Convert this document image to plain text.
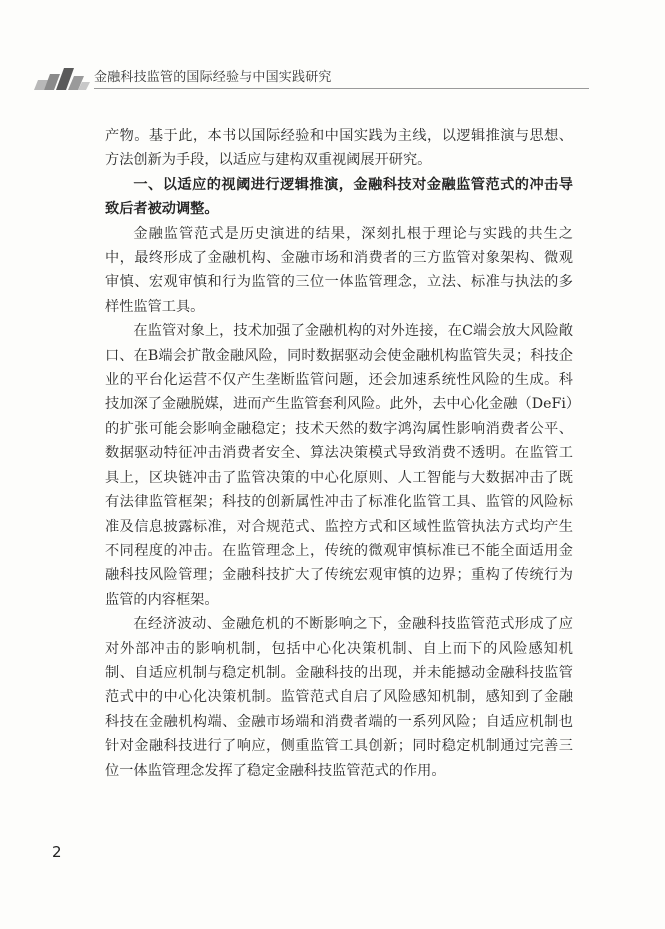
金融科技监管的国际经验与中国实践研究

产物。基于此，本书以国际经验和中国实践为主线，以逻辑推演与思想、方法创新为手段，以适应与建构双重视阈展开研究。

一、以适应的视阈进行逻辑推演，金融科技对金融监管范式的冲击导致后者被动调整。

金融监管范式是历史演进的结果，深刻扎根于理论与实践的共生之中，最终形成了金融机构、金融市场和消费者的三方监管对象架构、微观审慎、宏观审慎和行为监管的三位一体监管理念，立法、标准与执法的多样性监管工具。

在监管对象上，技术加强了金融机构的对外连接，在C端会放大风险敞口、在B端会扩散金融风险，同时数据驱动会使金融机构监管失灵；科技企业的平台化运营不仅产生垄断监管问题，还会加速系统性风险的生成。科技加深了金融脱媒，进而产生监管套利风险。此外，去中心化金融（DeFi）的扩张可能会影响金融稳定；技术天然的数字鸿沟属性影响消费者公平、数据驱动特征冲击消费者安全、算法决策模式导致消费不透明。在监管工具上，区块链冲击了监管决策的中心化原则、人工智能与大数据冲击了既有法律监管框架；科技的创新属性冲击了标准化监管工具、监管的风险标准及信息披露标准，对合规范式、监控方式和区域性监管执法方式均产生不同程度的冲击。在监管理念上，传统的微观审慎标准已不能全面适用金融科技风险管理；金融科技扩大了传统宏观审慎的边界；重构了传统行为监管的内容框架。

在经济波动、金融危机的不断影响之下，金融科技监管范式形成了应对外部冲击的影响机制，包括中心化决策机制、自上而下的风险感知机制、自适应机制与稳定机制。金融科技的出现，并未能撼动金融科技监管范式中的中心化决策机制。监管范式自启了风险感知机制，感知到了金融科技在金融机构端、金融市场端和消费者端的一系列风险；自适应机制也针对金融科技进行了响应，侧重监管工具创新；同时稳定机制通过完善三位一体监管理念发挥了稳定金融科技监管范式的作用。

2
